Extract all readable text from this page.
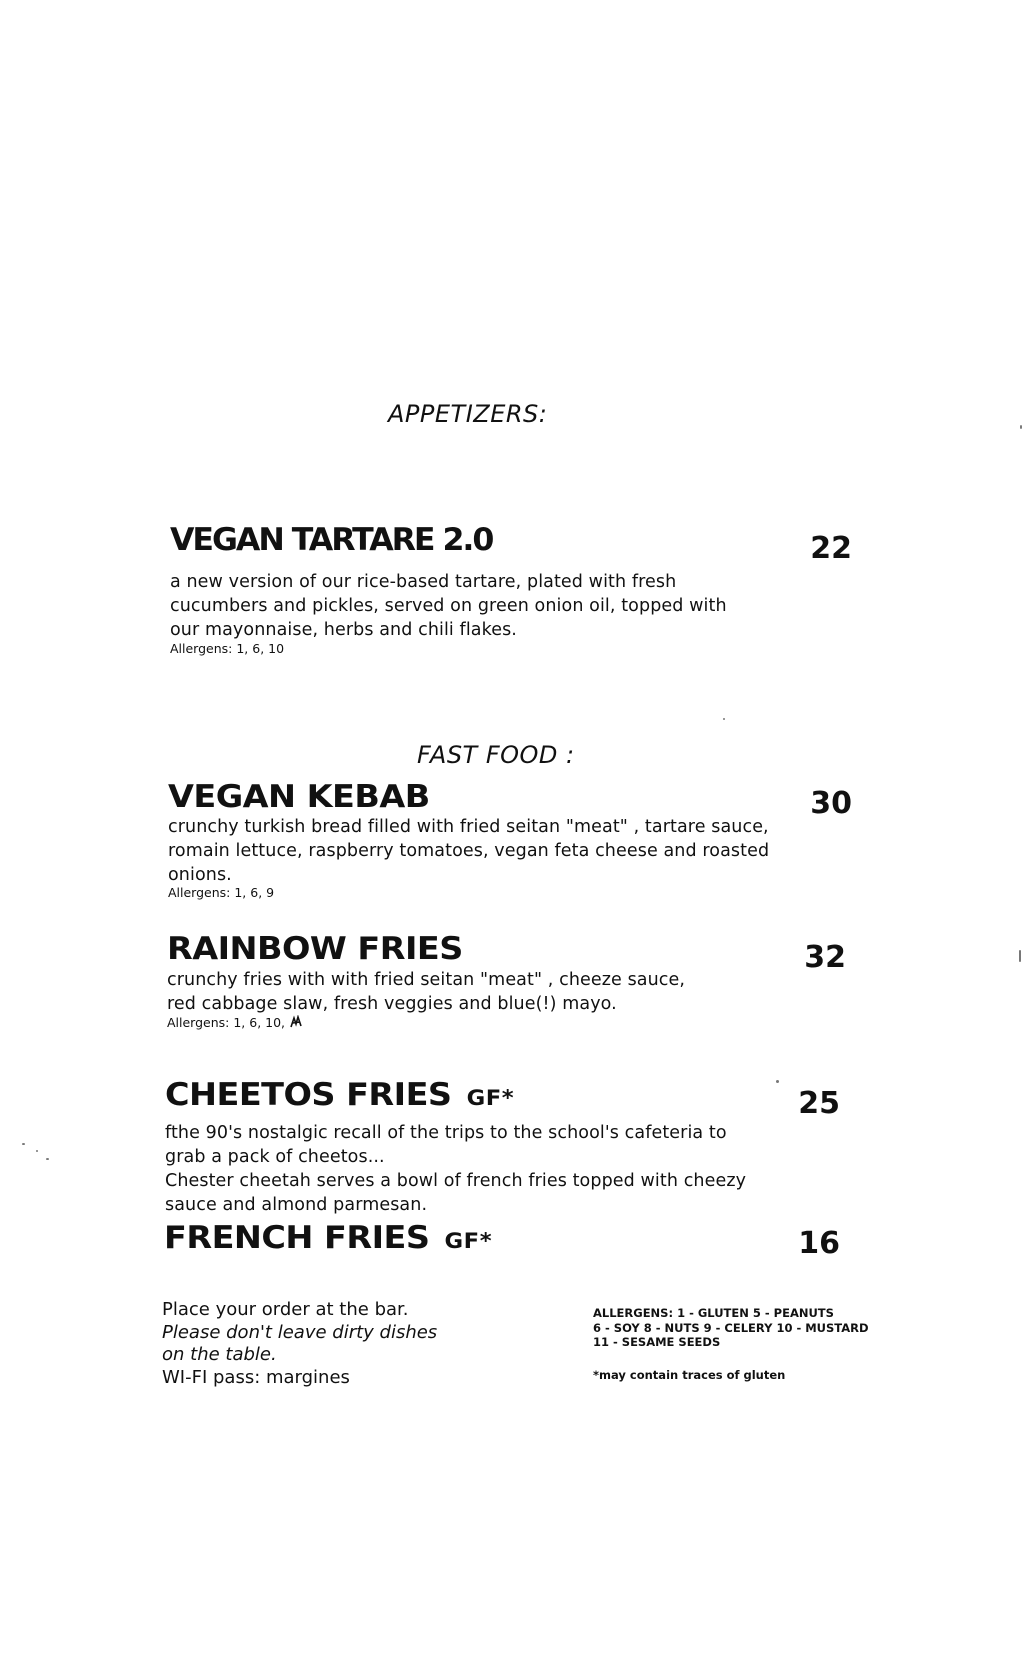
APPETIZERS:
VEGAN TARTARE 2.0	22

a new version of our rice-based tartare, plated with fresh

cucumbers and pickles, served on green onion oil, topped with

our mayonnaise, herbs and chili flakes.

Allergens: 1, 6, 10
FAST FOOD :
VEGAN KEBAB	30

crunchy turkish bread filled with fried seitan "meat" , tartare sauce,

romain lettuce, raspberry tomatoes, vegan feta cheese and roasted

onions.

Allergens: 1, 6, 9
RAINBOW FRIES	32

crunchy fries with with fried seitan "meat" , cheeze sauce,

red cabbage slaw, fresh veggies and blue(!) mayo.

Allergens: 1, 6, 10,
CHEETOS FRIES GF*	25

fthe 90's nostalgic recall of the trips to the school's cafeteria to

grab a pack of cheetos...

Chester cheetah serves a bowl of french fries topped with cheezy

sauce and almond parmesan.

FRENCH FRIES GF*	16
Place your order at the bar.
Please don't leave dirty dishes
on the table.
WI-FI pass: margines
ALLERGENS: 1 - GLUTEN 5 - PEANUTS
6 - SOY 8 - NUTS 9 - CELERY 10 - MUSTARD
11 - SESAME SEEDS
*may contain traces of gluten
